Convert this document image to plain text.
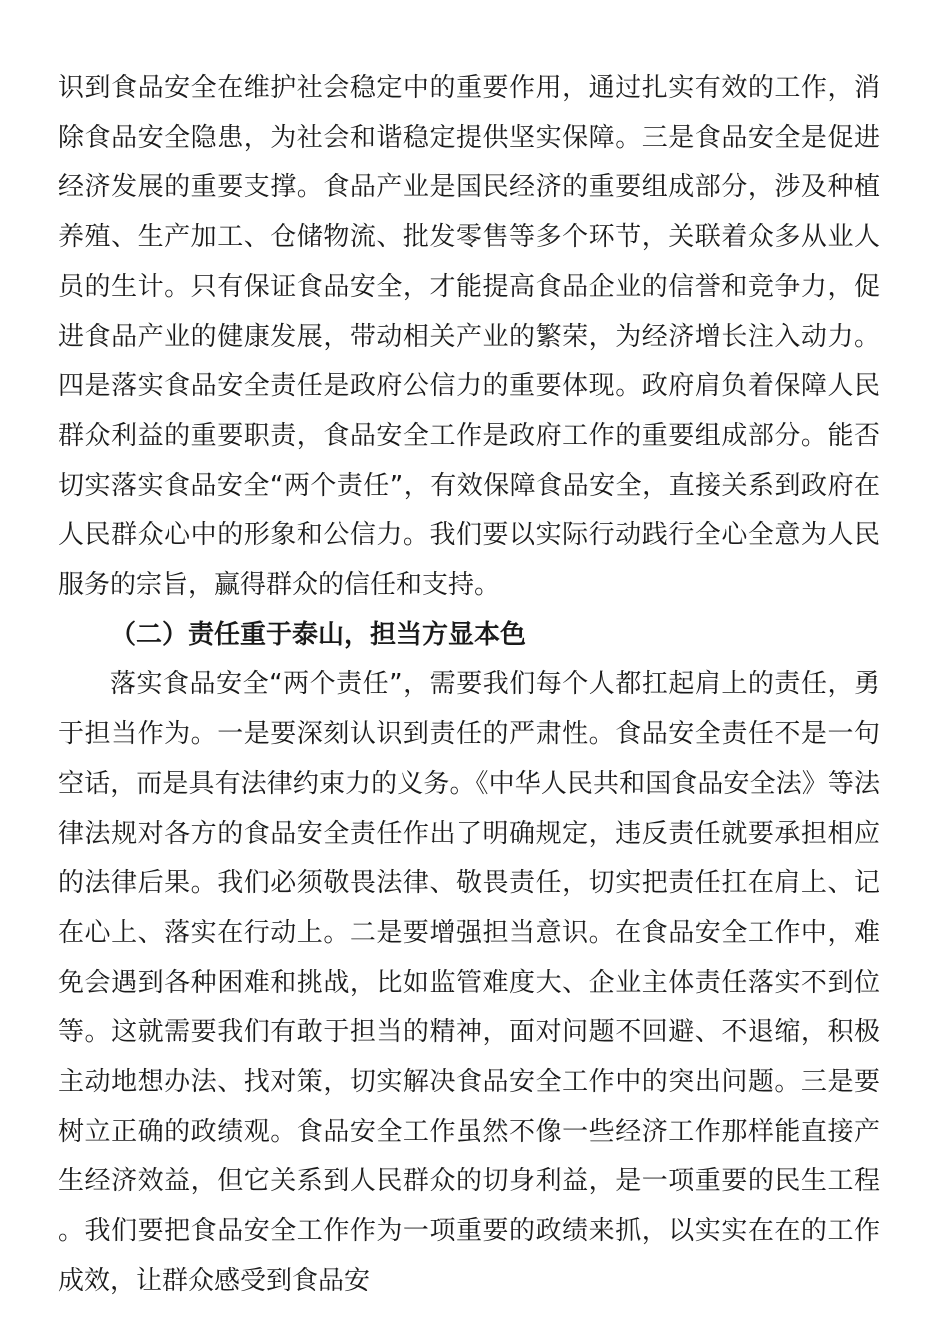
识到食品安全在维护社会稳定中的重要作用，通过扎实有效的工作，消除食品安全隐患，为社会和谐稳定提供坚实保障。三是食品安全是促进经济发展的重要支撑。食品产业是国民经济的重要组成部分，涉及种植养殖、生产加工、仓储物流、批发零售等多个环节，关联着众多从业人员的生计。只有保证食品安全，才能提高食品企业的信誉和竞争力，促进食品产业的健康发展，带动相关产业的繁荣，为经济增长注入动力。四是落实食品安全责任是政府公信力的重要体现。政府肩负着保障人民群众利益的重要职责，食品安全工作是政府工作的重要组成部分。能否切实落实食品安全“两个责任”，有效保障食品安全，直接关系到政府在人民群众心中的形象和公信力。我们要以实际行动践行全心全意为人民服务的宗旨，赢得群众的信任和支持。

（二）责任重于泰山，担当方显本色

落实食品安全“两个责任”，需要我们每个人都扛起肩上的责任，勇于担当作为。一是要深刻认识到责任的严肃性。食品安全责任不是一句空话，而是具有法律约束力的义务。《中华人民共和国食品安全法》等法律法规对各方的食品安全责任作出了明确规定，违反责任就要承担相应的法律后果。我们必须敬畏法律、敬畏责任，切实把责任扛在肩上、记在心上、落实在行动上。二是要增强担当意识。在食品安全工作中，难免会遇到各种困难和挑战，比如监管难度大、企业主体责任落实不到位等。这就需要我们有敢于担当的精神，面对问题不回避、不退缩，积极主动地想办法、找对策，切实解决食品安全工作中的突出问题。三是要树立正确的政绩观。食品安全工作虽然不像一些经济工作那样能直接产生经济效益，但它关系到人民群众的切身利益，是一项重要的民生工程。我们要把食品安全工作作为一项重要的政绩来抓，以实实在在的工作成效，让群众感受到食品安
